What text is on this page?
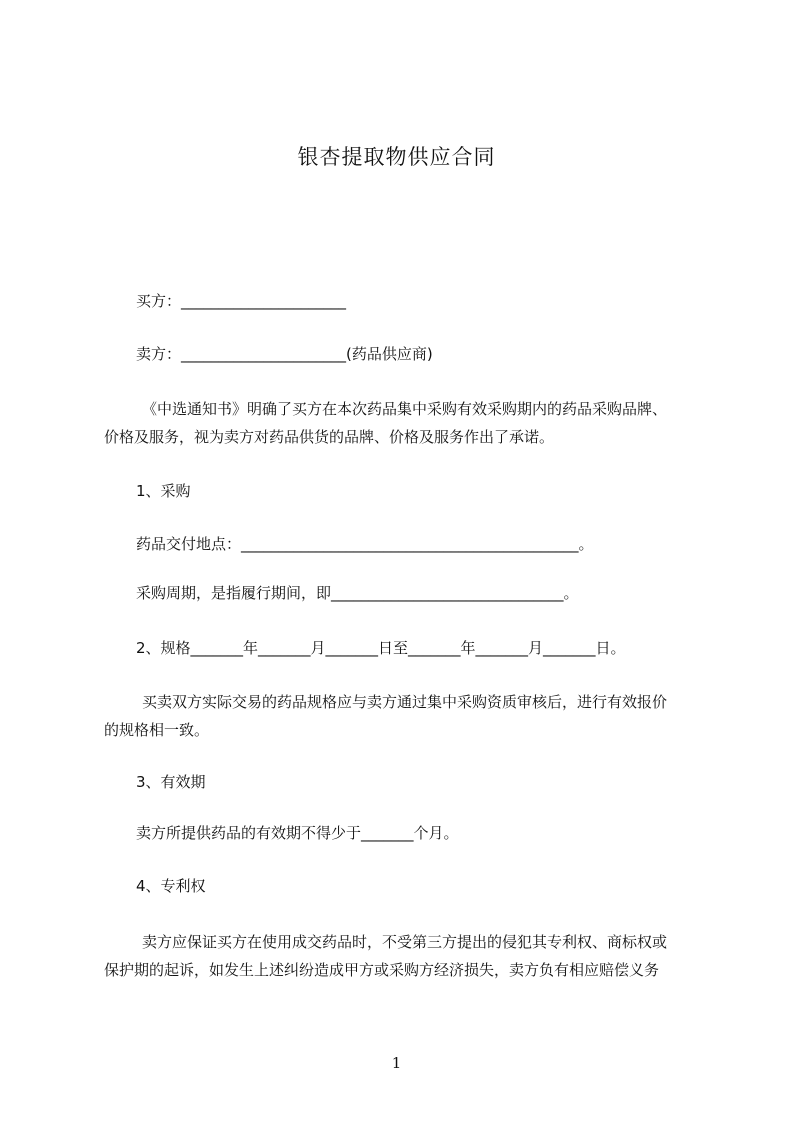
银杏提取物供应合同
买方：______________________
卖方：______________________(药品供应商)
《中选通知书》明确了买方在本次药品集中采购有效采购期内的药品采购品牌、
价格及服务，视为卖方对药品供货的品牌、价格及服务作出了承诺。
1、采购
药品交付地点：_____________________________________________。
采购周期，是指履行期间，即_______________________________。
2、规格_______年_______月_______日至_______年_______月_______日。
买卖双方实际交易的药品规格应与卖方通过集中采购资质审核后，进行有效报价
的规格相一致。
3、有效期
卖方所提供药品的有效期不得少于_______个月。
4、专利权
卖方应保证买方在使用成交药品时，不受第三方提出的侵犯其专利权、商标权或
保护期的起诉，如发生上述纠纷造成甲方或采购方经济损失，卖方负有相应赔偿义务
1
